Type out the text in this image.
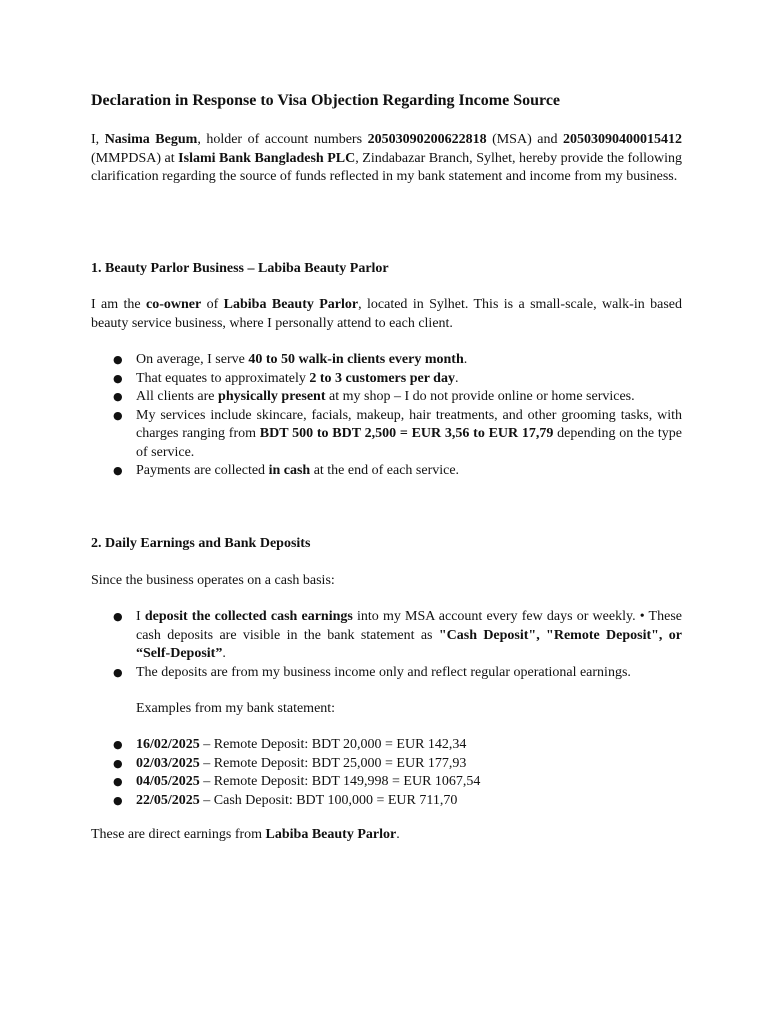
Declaration in Response to Visa Objection Regarding Income Source

I, Nasima Begum, holder of account numbers 20503090200622818 (MSA) and 20503090400015412 (MMPDSA) at Islami Bank Bangladesh PLC, Zindabazar Branch, Sylhet, hereby provide the following clarification regarding the source of funds reflected in my bank statement and income from my business.

1. Beauty Parlor Business – Labiba Beauty Parlor

I am the co-owner of Labiba Beauty Parlor, located in Sylhet. This is a small-scale, walk-in based beauty service business, where I personally attend to each client.

● On average, I serve 40 to 50 walk-in clients every month.
● That equates to approximately 2 to 3 customers per day.
● All clients are physically present at my shop – I do not provide online or home services.
● My services include skincare, facials, makeup, hair treatments, and other grooming tasks, with charges ranging from BDT 500 to BDT 2,500 = EUR 3,56 to EUR 17,79 depending on the type of service.
● Payments are collected in cash at the end of each service.
2. Daily Earnings and Bank Deposits

Since the business operates on a cash basis:

● I deposit the collected cash earnings into my MSA account every few days or weekly. • These cash deposits are visible in the bank statement as "Cash Deposit", "Remote Deposit", or “Self-Deposit”.
● The deposits are from my business income only and reflect regular operational earnings.

Examples from my bank statement:

● 16/02/2025 – Remote Deposit: BDT 20,000 = EUR 142,34
● 02/03/2025 – Remote Deposit: BDT 25,000 = EUR 177,93
● 04/05/2025 – Remote Deposit: BDT 149,998 = EUR 1067,54
● 22/05/2025 – Cash Deposit: BDT 100,000 = EUR 711,70

These are direct earnings from Labiba Beauty Parlor.
